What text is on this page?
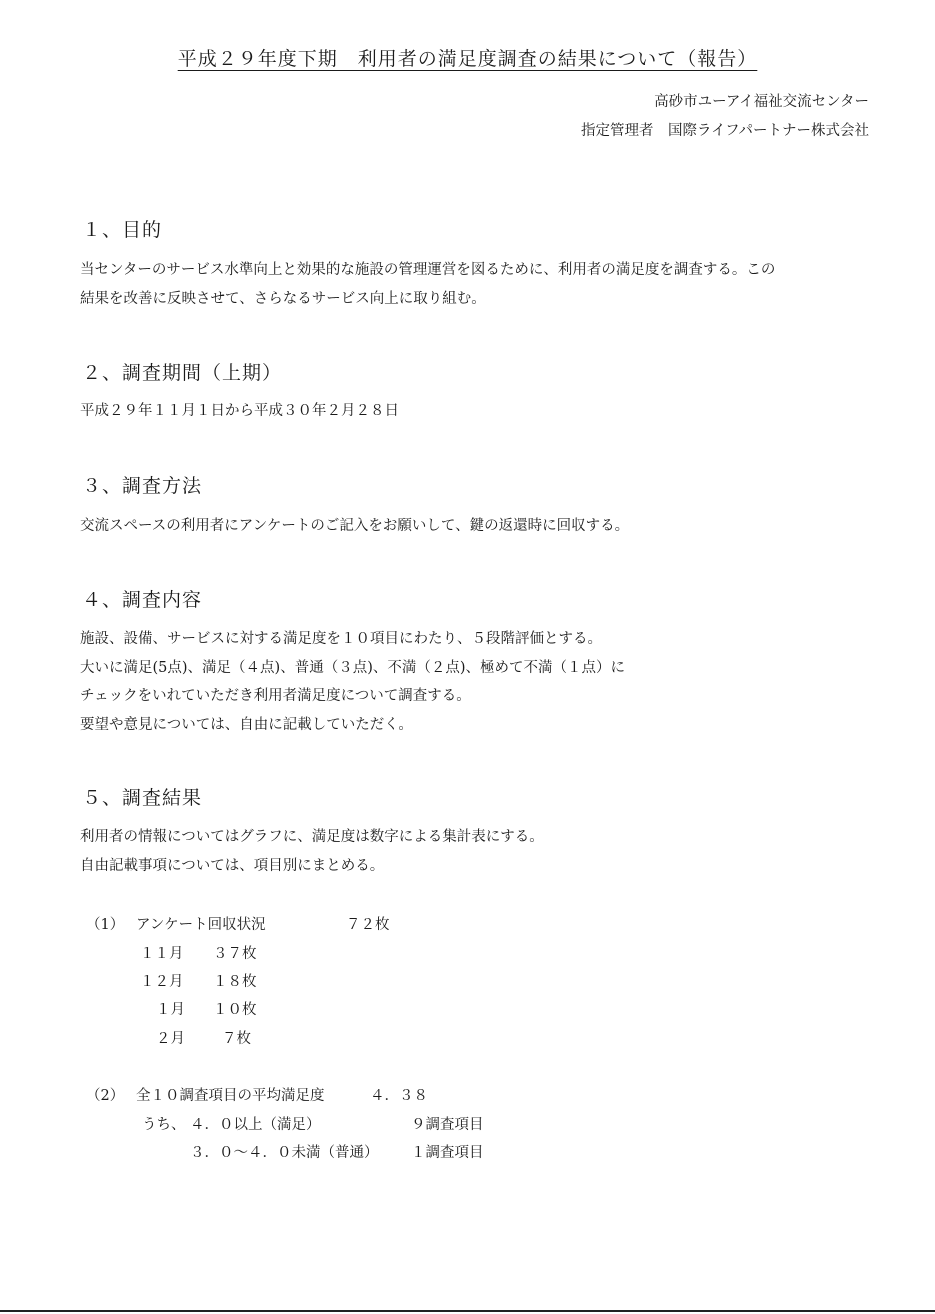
平成２９年度下期　利用者の満足度調査の結果について（報告）
高砂市ユーアイ福祉交流センター
指定管理者　国際ライフパートナー株式会社
１、目的
当センターのサービス水準向上と効果的な施設の管理運営を図るために、利用者の満足度を調査する。この
結果を改善に反映させて、さらなるサービス向上に取り組む。
２、調査期間（上期）
平成２９年１１月１日から平成３０年２月２８日
３、調査方法
交流スペースの利用者にアンケートのご記入をお願いして、鍵の返還時に回収する。
４、調査内容
施設、設備、サービスに対する満足度を１０項目にわたり、５段階評価とする。
大いに満足(5点)、満足（４点)、普通（３点)、不満（２点)、極めて不満（１点）に
チェックをいれていただき利用者満足度について調査する。
要望や意見については、自由に記載していただく。
５、調査結果
利用者の情報についてはグラフに、満足度は数字による集計表にする。
自由記載事項については、項目別にまとめる。
（1） アンケート回収状況	７２枚
１１月 ３７枚
１２月 １８枚
１月 １０枚
２月	７枚
（2） 全１０調査項目の平均満足度	４．３８
うち、 ４．０以上（満足）	９調査項目
３．０～４．０未満（普通） １調査項目
